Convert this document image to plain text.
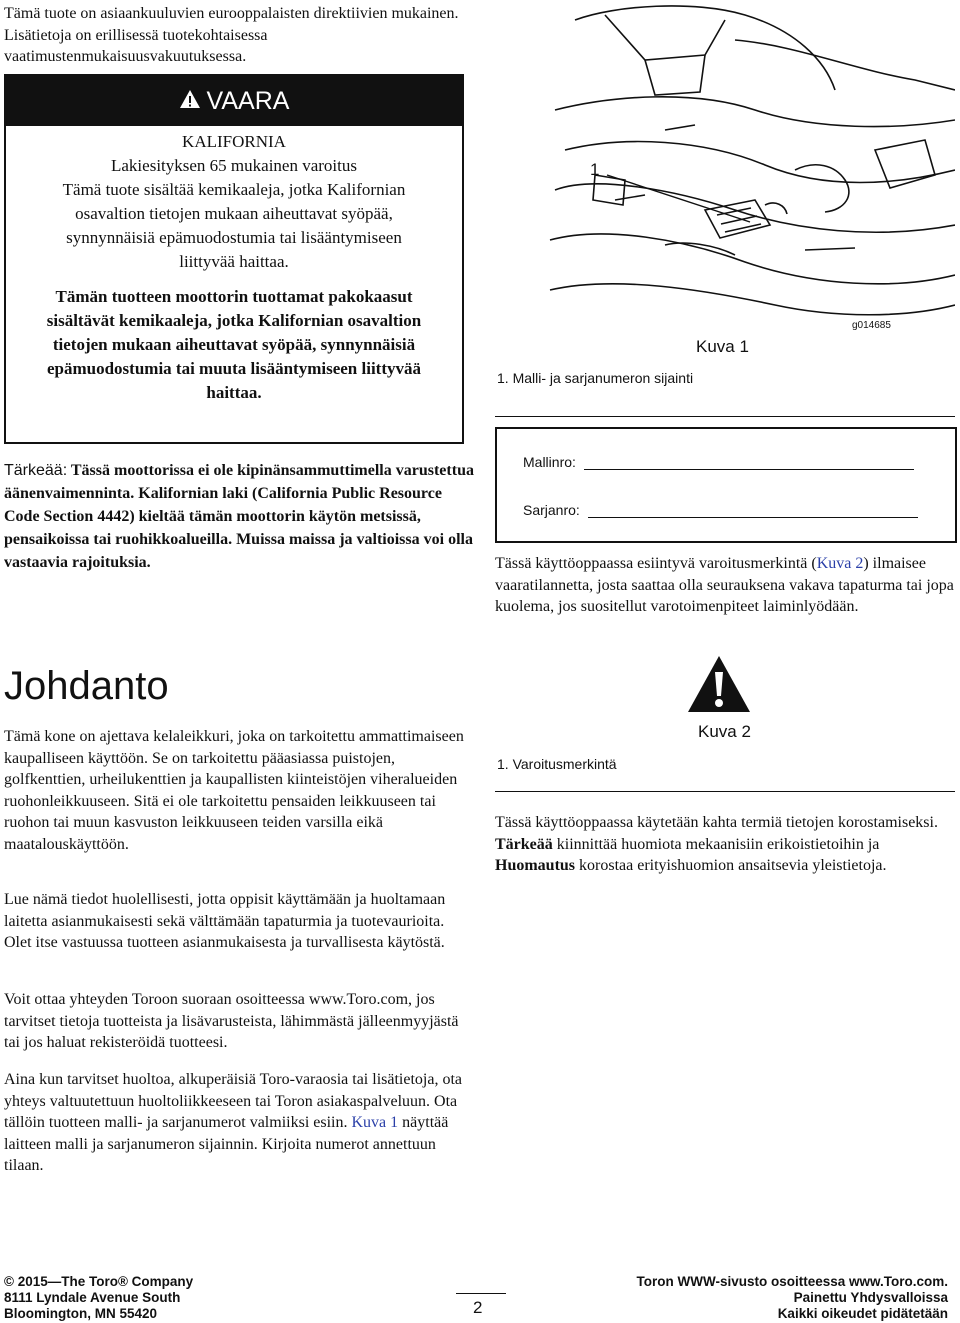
Tämä tuote on asiaankuuluvien eurooppalaisten direktiivien mukainen. Lisätietoja on erillisessä tuotekohtaisessa vaatimustenmukaisuusvakuutuksessa.

VAARA
KALIFORNIA
Lakiesityksen 65 mukainen varoitus
Tämä tuote sisältää kemikaaleja, jotka Kalifornian osavaltion tietojen mukaan aiheuttavat syöpää, synnynnäisiä epämuodostumia tai lisääntymiseen liittyvää haittaa.
Tämän tuotteen moottorin tuottamat pakokaasut sisältävät kemikaaleja, jotka Kalifornian osavaltion tietojen mukaan aiheuttavat syöpää, synnynnäisiä epämuodostumia tai muuta lisääntymiseen liittyvää haittaa.
Tärkeää: Tässä moottorissa ei ole kipinänsammuttimella varustettua äänenvaimenninta. Kalifornian laki (California Public Resource Code Section 4442) kieltää tämän moottorin käytön metsissä, pensaikoissa tai ruohikkoalueilla. Muissa maissa ja valtioissa voi olla vastaavia rajoituksia.
Johdanto

Tämä kone on ajettava kelaleikkuri, joka on tarkoitettu ammattimaiseen kaupalliseen käyttöön. Se on tarkoitettu pääasiassa puistojen, golfkenttien, urheilukenttien ja kaupallisten kiinteistöjen viheralueiden ruohonleikkuuseen. Sitä ei ole tarkoitettu pensaiden leikkuuseen tai ruohon tai muun kasvuston leikkuuseen teiden varsilla eikä maatalouskäyttöön.

Lue nämä tiedot huolellisesti, jotta oppisit käyttämään ja huoltamaan laitetta asianmukaisesti sekä välttämään tapaturmia ja tuotevaurioita. Olet itse vastuussa tuotteen asianmukaisesta ja turvallisesta käytöstä.

Voit ottaa yhteyden Toroon suoraan osoitteessa www.Toro.com, jos tarvitset tietoja tuotteista ja lisävarusteista, lähimmästä jälleenmyyjästä tai jos haluat rekisteröidä tuotteesi.

Aina kun tarvitset huoltoa, alkuperäisiä Toro-varaosia tai lisätietoja, ota yhteys valtuutettuun huoltoliikkeeseen tai Toron asiakaspalveluun. Ota tällöin tuotteen malli- ja sarjanumerot valmiiksi esiin. Kuva 1 näyttää laitteen malli ja sarjanumeron sijainnin. Kirjoita numerot annettuun tilaan.

1
g014685
Kuva 1
1. Malli- ja sarjanumeron sijainti
Mallinro:
Sarjanro:

Tässä käyttöoppaassa esiintyvä varoitusmerkintä (Kuva 2) ilmaisee vaaratilannetta, josta saattaa olla seurauksena vakava tapaturma tai jopa kuolema, jos suositellut varotoimenpiteet laiminlyödään.

Kuva 2
1. Varoitusmerkintä

Tässä käyttöoppaassa käytetään kahta termiä tietojen korostamiseksi. Tärkeää kiinnittää huomiota mekaanisiin erikoistietoihin ja Huomautus korostaa erityishuomion ansaitsevia yleistietoja.

© 2015—The Toro® Company
8111 Lyndale Avenue South
Bloomington, MN 55420	2
Toron WWW-sivusto osoitteessa www.Toro.com.
Painettu Yhdysvalloissa
Kaikki oikeudet pidätetään
